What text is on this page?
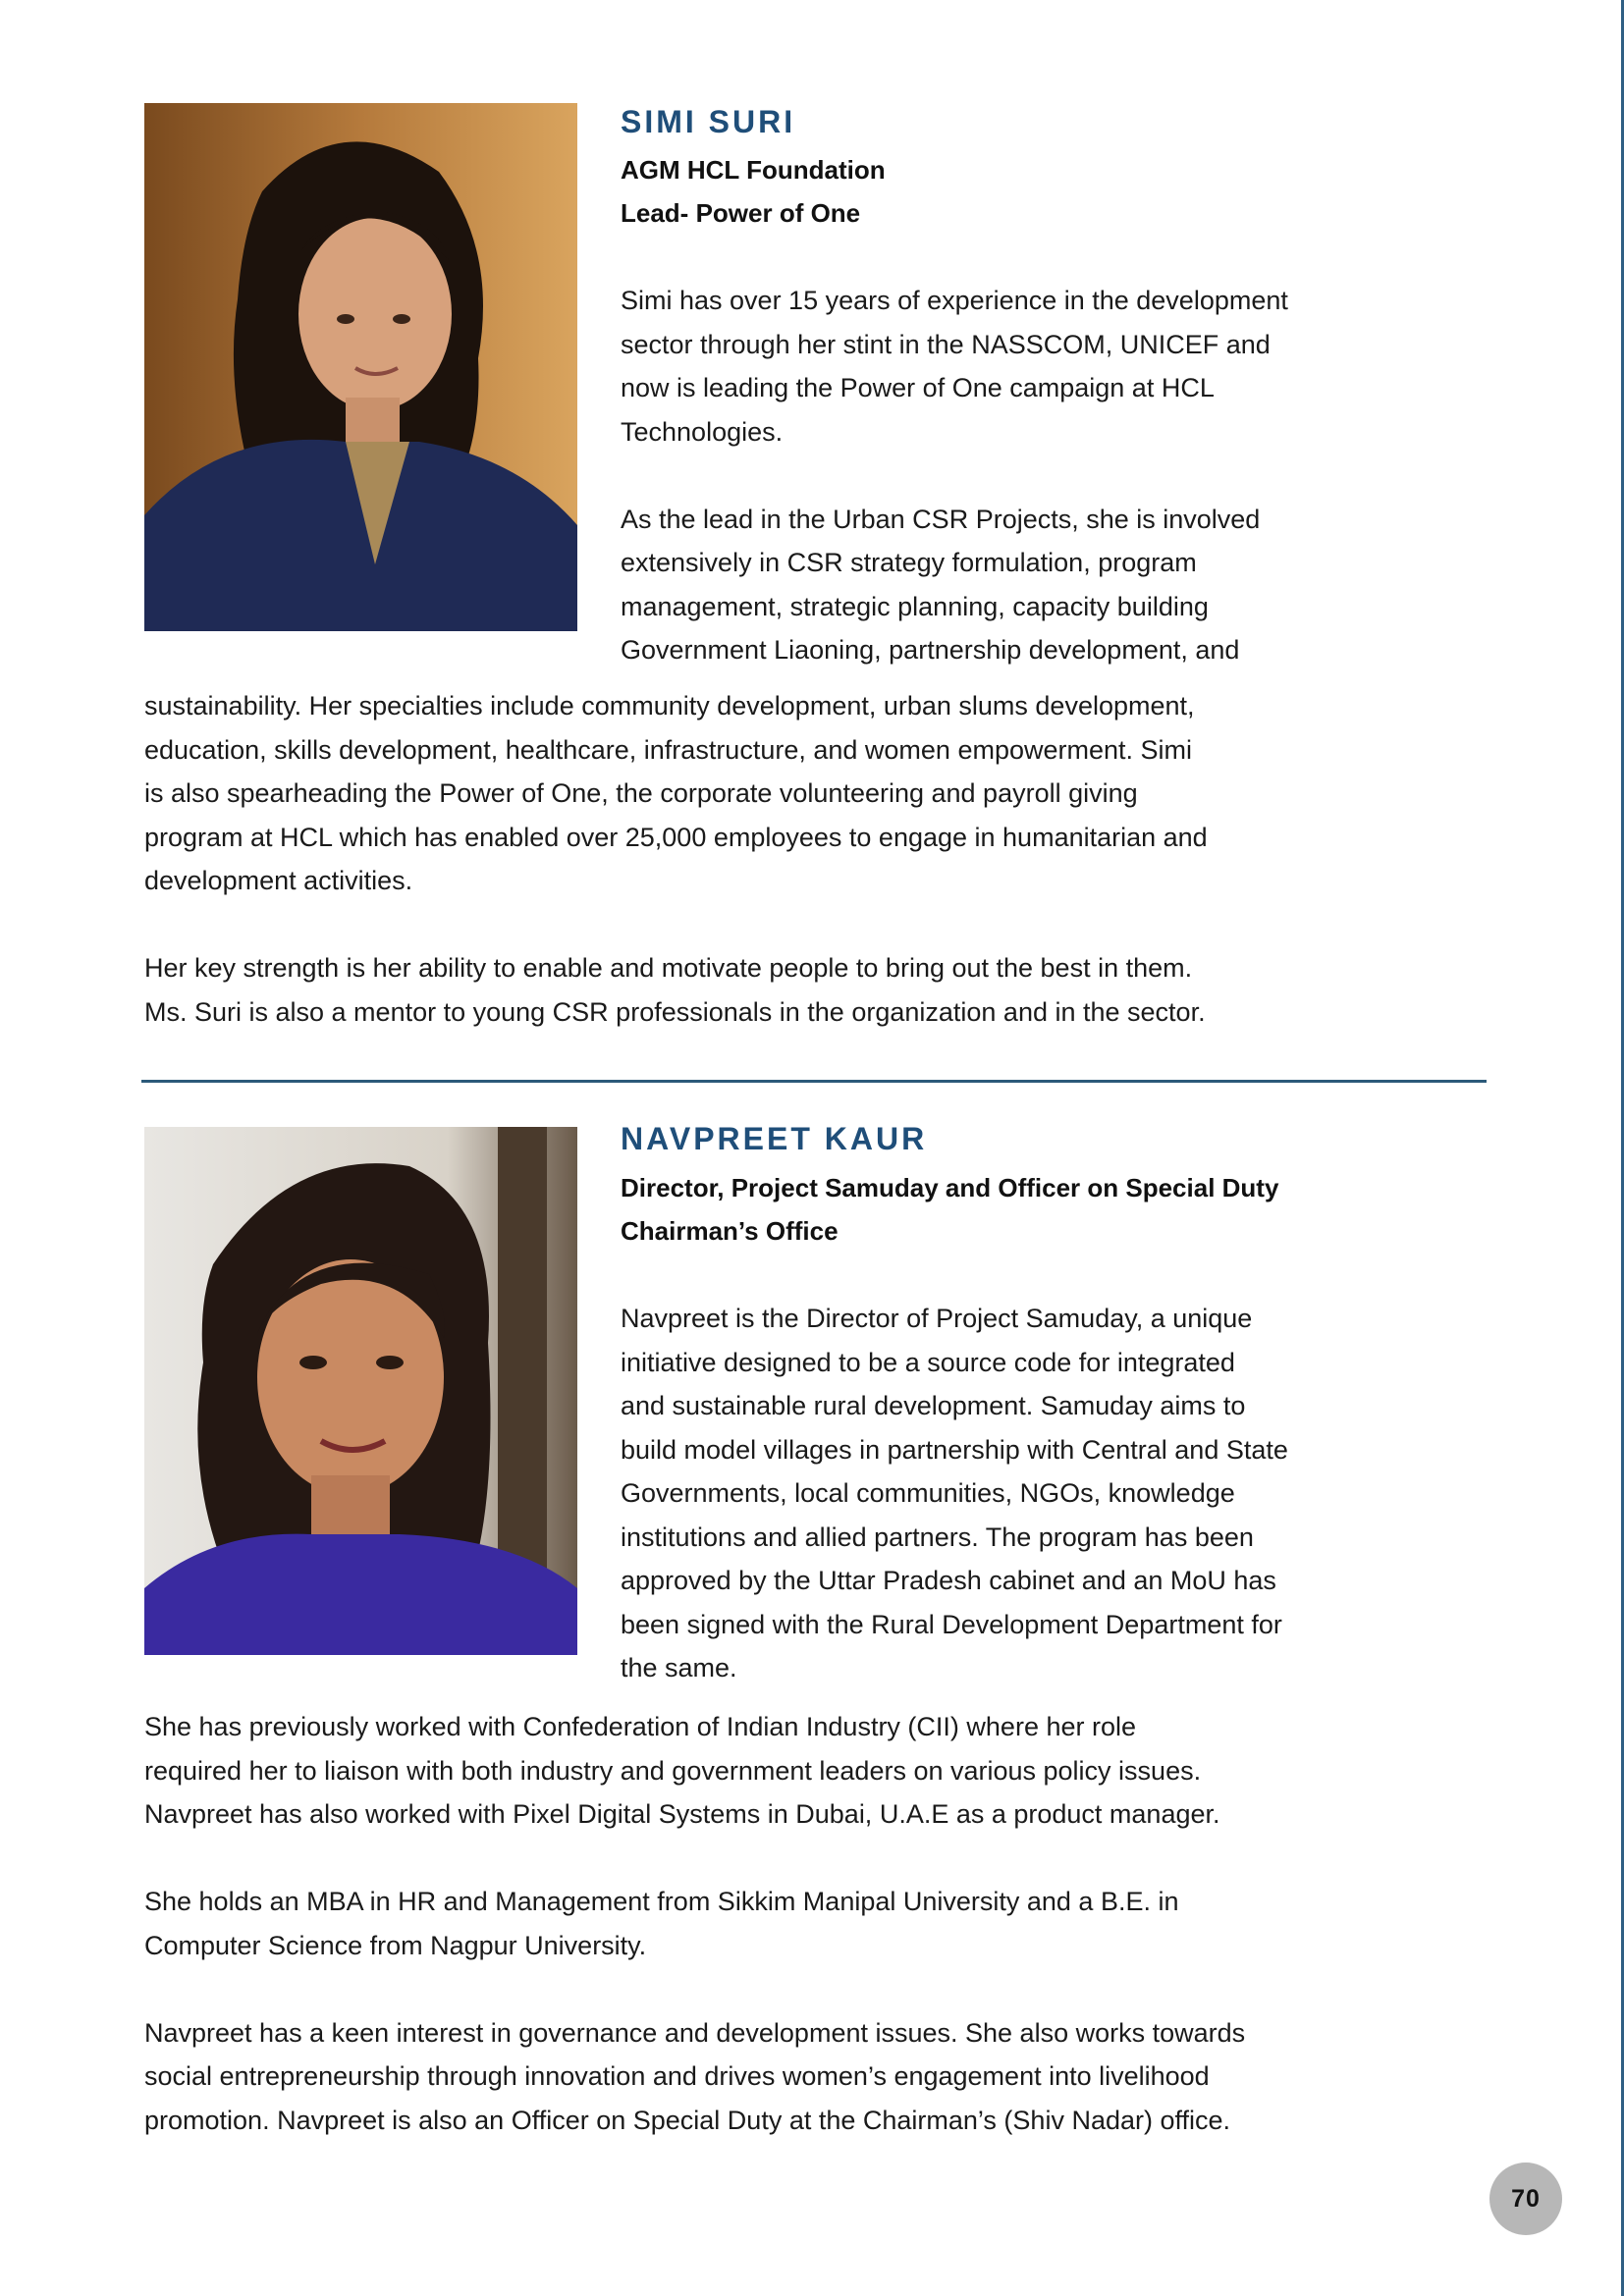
SIMI SURI
AGM HCL Foundation
Lead- Power of One
Simi has over 15 years of experience in the development
sector through her stint in the NASSCOM, UNICEF and
now is leading the Power of One campaign at HCL
Technologies.

As the lead in the Urban CSR Projects, she is involved
extensively in CSR strategy formulation, program
management, strategic planning, capacity building
Government Liaoning, partnership development, and
sustainability. Her specialties include community development, urban slums development,
education, skills development, healthcare, infrastructure, and women empowerment. Simi
is also spearheading the Power of One, the corporate volunteering and payroll giving
program at HCL which has enabled over 25,000 employees to engage in humanitarian and
development activities.

Her key strength is her ability to enable and motivate people to bring out the best in them.
Ms. Suri is also a mentor to young CSR professionals in the organization and in the sector.
NAVPREET KAUR
Director, Project Samuday and Officer on Special Duty
Chairman’s Office
Navpreet is the Director of Project Samuday, a unique
initiative designed to be a source code for integrated
and sustainable rural development. Samuday aims to
build model villages in partnership with Central and State
Governments, local communities, NGOs, knowledge
institutions and allied partners. The program has been
approved by the Uttar Pradesh cabinet and an MoU has
been signed with the Rural Development Department for
the same.
She has previously worked with Confederation of Indian Industry (CII) where her role
required her to liaison with both industry and government leaders on various policy issues.
Navpreet has also worked with Pixel Digital Systems in Dubai, U.A.E as a product manager.

She holds an MBA in HR and Management from Sikkim Manipal University and a B.E. in
Computer Science from Nagpur University.

Navpreet has a keen interest in governance and development issues. She also works towards
social entrepreneurship through innovation and drives women’s engagement into livelihood
promotion. Navpreet is also an Officer on Special Duty at the Chairman’s (Shiv Nadar) office.
70
